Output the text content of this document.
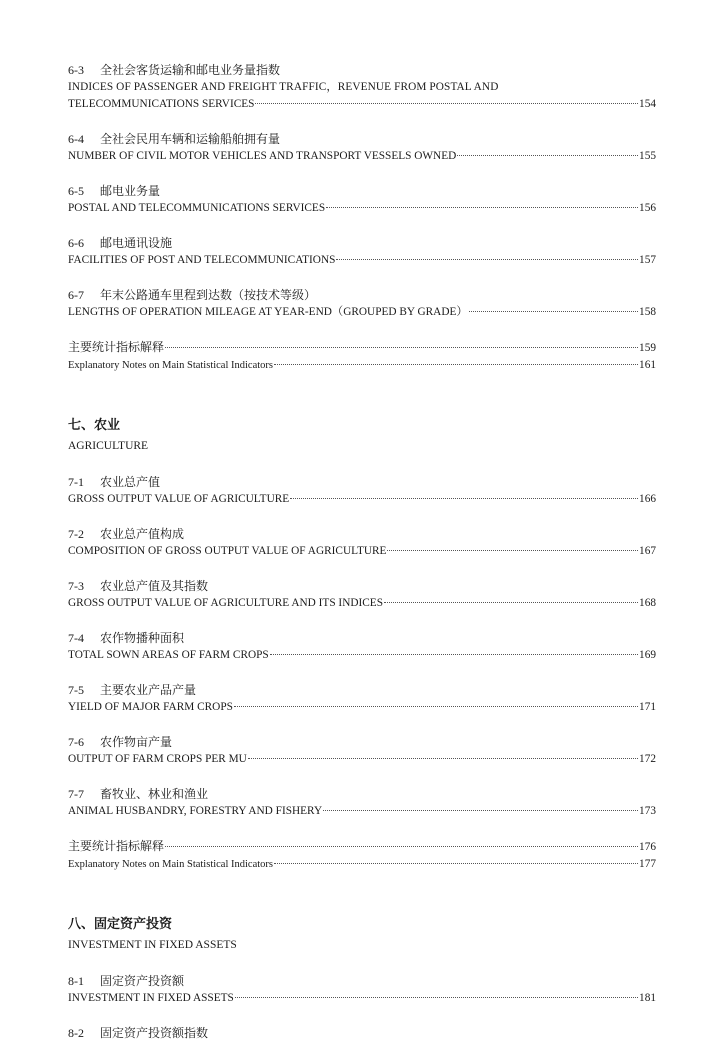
6-3 全社会客货运输和邮电业务量指数
INDICES OF PASSENGER AND FREIGHT TRAFFIC，REVENUE FROM POSTAL AND
TELECOMMUNICATIONS SERVICES	154
6-4 全社会民用车辆和运输船舶拥有量
NUMBER OF CIVIL MOTOR VEHICLES AND TRANSPORT VESSELS OWNED	155
6-5 邮电业务量
POSTAL AND TELECOMMUNICATIONS SERVICES	156
6-6 邮电通讯设施
FACILITIES OF POST AND TELECOMMUNICATIONS	157
6-7 年末公路通车里程到达数（按技术等级）
LENGTHS OF OPERATION MILEAGE AT YEAR-END（GROUPED BY GRADE）	158
主要统计指标解释	159
Explanatory Notes on Main Statistical Indicators	161
七、农业
AGRICULTURE
7-1 农业总产值
GROSS OUTPUT VALUE OF AGRICULTURE	166
7-2 农业总产值构成
COMPOSITION OF GROSS OUTPUT VALUE OF AGRICULTURE	167
7-3 农业总产值及其指数
GROSS OUTPUT VALUE OF AGRICULTURE AND ITS INDICES	168
7-4 农作物播种面积
TOTAL SOWN AREAS OF FARM CROPS	169
7-5 主要农业产品产量
YIELD OF MAJOR FARM CROPS	171
7-6 农作物亩产量
OUTPUT OF FARM CROPS PER MU	172
7-7 畜牧业、林业和渔业
ANIMAL HUSBANDRY, FORESTRY AND FISHERY	173
主要统计指标解释	176
Explanatory Notes on Main Statistical Indicators	177
八、固定资产投资
INVESTMENT IN FIXED ASSETS
8-1 固定资产投资额
INVESTMENT IN FIXED ASSETS	181
8-2 固定资产投资额指数
